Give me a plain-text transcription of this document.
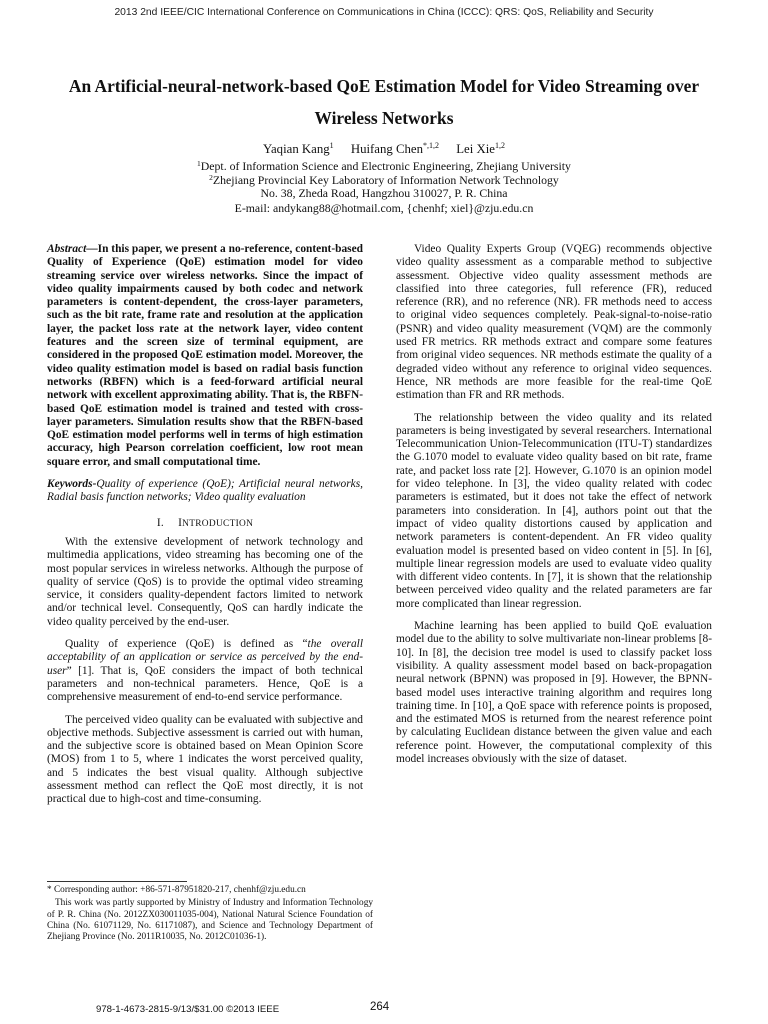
2013 2nd IEEE/CIC International Conference on Communications in China (ICCC): QRS: QoS, Reliability and Security
An Artificial-neural-network-based QoE Estimation Model for Video Streaming over Wireless Networks
Yaqian Kang$^1$ Huifang Chen$^{*,1,2}$ Lei Xie$^{1,2}$
$^1$Dept. of Information Science and Electronic Engineering, Zhejiang University
$^2$Zhejiang Provincial Key Laboratory of Information Network Technology
No. 38, Zheda Road, Hangzhou 310027, P. R. China
E-mail: andykang88@hotmail.com, {chenhf; xiel}@zju.edu.cn

Abstract—In this paper, we present a no-reference, content-based Quality of Experience (QoE) estimation model for video streaming service over wireless networks. Since the impact of video quality impairments caused by both codec and network parameters is content-dependent, the cross-layer parameters, such as the bit rate, frame rate and resolution at the application layer, the packet loss rate at the network layer, video content features and the screen size of terminal equipment, are considered in the proposed QoE estimation model. Moreover, the video quality estimation model is based on radial basis function networks (RBFN) which is a feed-forward artificial neural network with excellent approximating ability. That is, the RBFN-based QoE estimation model is trained and tested with cross-layer parameters. Simulation results show that the RBFN-based QoE estimation model performs well in terms of high estimation accuracy, high Pearson correlation coefficient, low root mean square error, and small computational time.

Keywords-Quality of experience (QoE); Artificial neural networks, Radial basis function networks; Video quality evaluation

I. INTRODUCTION

With the extensive development of network technology and multimedia applications, video streaming has becoming one of the most popular services in wireless networks. Although the purpose of quality of service (QoS) is to provide the optimal video streaming service, it considers quality-dependent factors limited to network and/or technical level. Consequently, QoS can hardly indicate the video quality perceived by the end-user.

Quality of experience (QoE) is defined as “the overall acceptability of an application or service as perceived by the end-user” [1]. That is, QoE considers the impact of both technical parameters and non-technical parameters. Hence, QoE is a comprehensive measurement of end-to-end service performance.

The perceived video quality can be evaluated with subjective and objective methods. Subjective assessment is carried out with human, and the subjective score is obtained based on Mean Opinion Score (MOS) from 1 to 5, where 1 indicates the worst perceived quality, and 5 indicates the best visual quality. Although subjective assessment method can reflect the QoE most directly, it is not practical due to high-cost and time-consuming.

Video Quality Experts Group (VQEG) recommends objective video quality assessment as a comparable method to subjective assessment. Objective video quality assessment methods are classified into three categories, full reference (FR), reduced reference (RR), and no reference (NR). FR methods need to access to original video sequences completely. Peak-signal-to-noise-ratio (PSNR) and video quality measurement (VQM) are the commonly used FR metrics. RR methods extract and compare some features from original video sequences. NR methods estimate the quality of a degraded video without any reference to original video sequences. Hence, NR methods are more feasible for the real-time QoE estimation than FR and RR methods.

The relationship between the video quality and its related parameters is being investigated by several researchers. International Telecommunication Union-Telecommunication (ITU-T) standardizes the G.1070 model to evaluate video quality based on bit rate, frame rate, and packet loss rate [2]. However, G.1070 is an opinion model for video telephone. In [3], the video quality related with codec parameters is estimated, but it does not take the effect of network parameters into consideration. In [4], authors point out that the impact of video quality distortions caused by application and network parameters is content-dependent. An FR video quality evaluation model is presented based on video content in [5]. In [6], multiple linear regression models are used to evaluate video quality with different video contents. In [7], it is shown that the relationship between perceived video quality and the related parameters are far more complicated than linear regression.

Machine learning has been applied to build QoE evaluation model due to the ability to solve multivariate non-linear problems [8-10]. In [8], the decision tree model is used to classify packet loss visibility. A quality assessment model based on back-propagation neural network (BPNN) was proposed in [9]. However, the BPNN-based model uses interactive training algorithm and requires long training time. In [10], a QoE space with reference points is proposed, and the estimated MOS is returned from the nearest reference point by calculating Euclidean distance between the given value and each reference point. However, the computational complexity of this model increases obviously with the size of dataset.

* Corresponding author: +86-571-87951820-217, chenhf@zju.edu.cn

This work was partly supported by Ministry of Industry and Information Technology of P. R. China (No. 2012ZX030011035-004), National Natural Science Foundation of China (No. 61071129, No. 61171087), and Science and Technology Department of Zhejiang Province (No. 2011R10035, No. 2012C01036-1).

978-1-4673-2815-9/13/$31.00 ©2013 IEEE	264
